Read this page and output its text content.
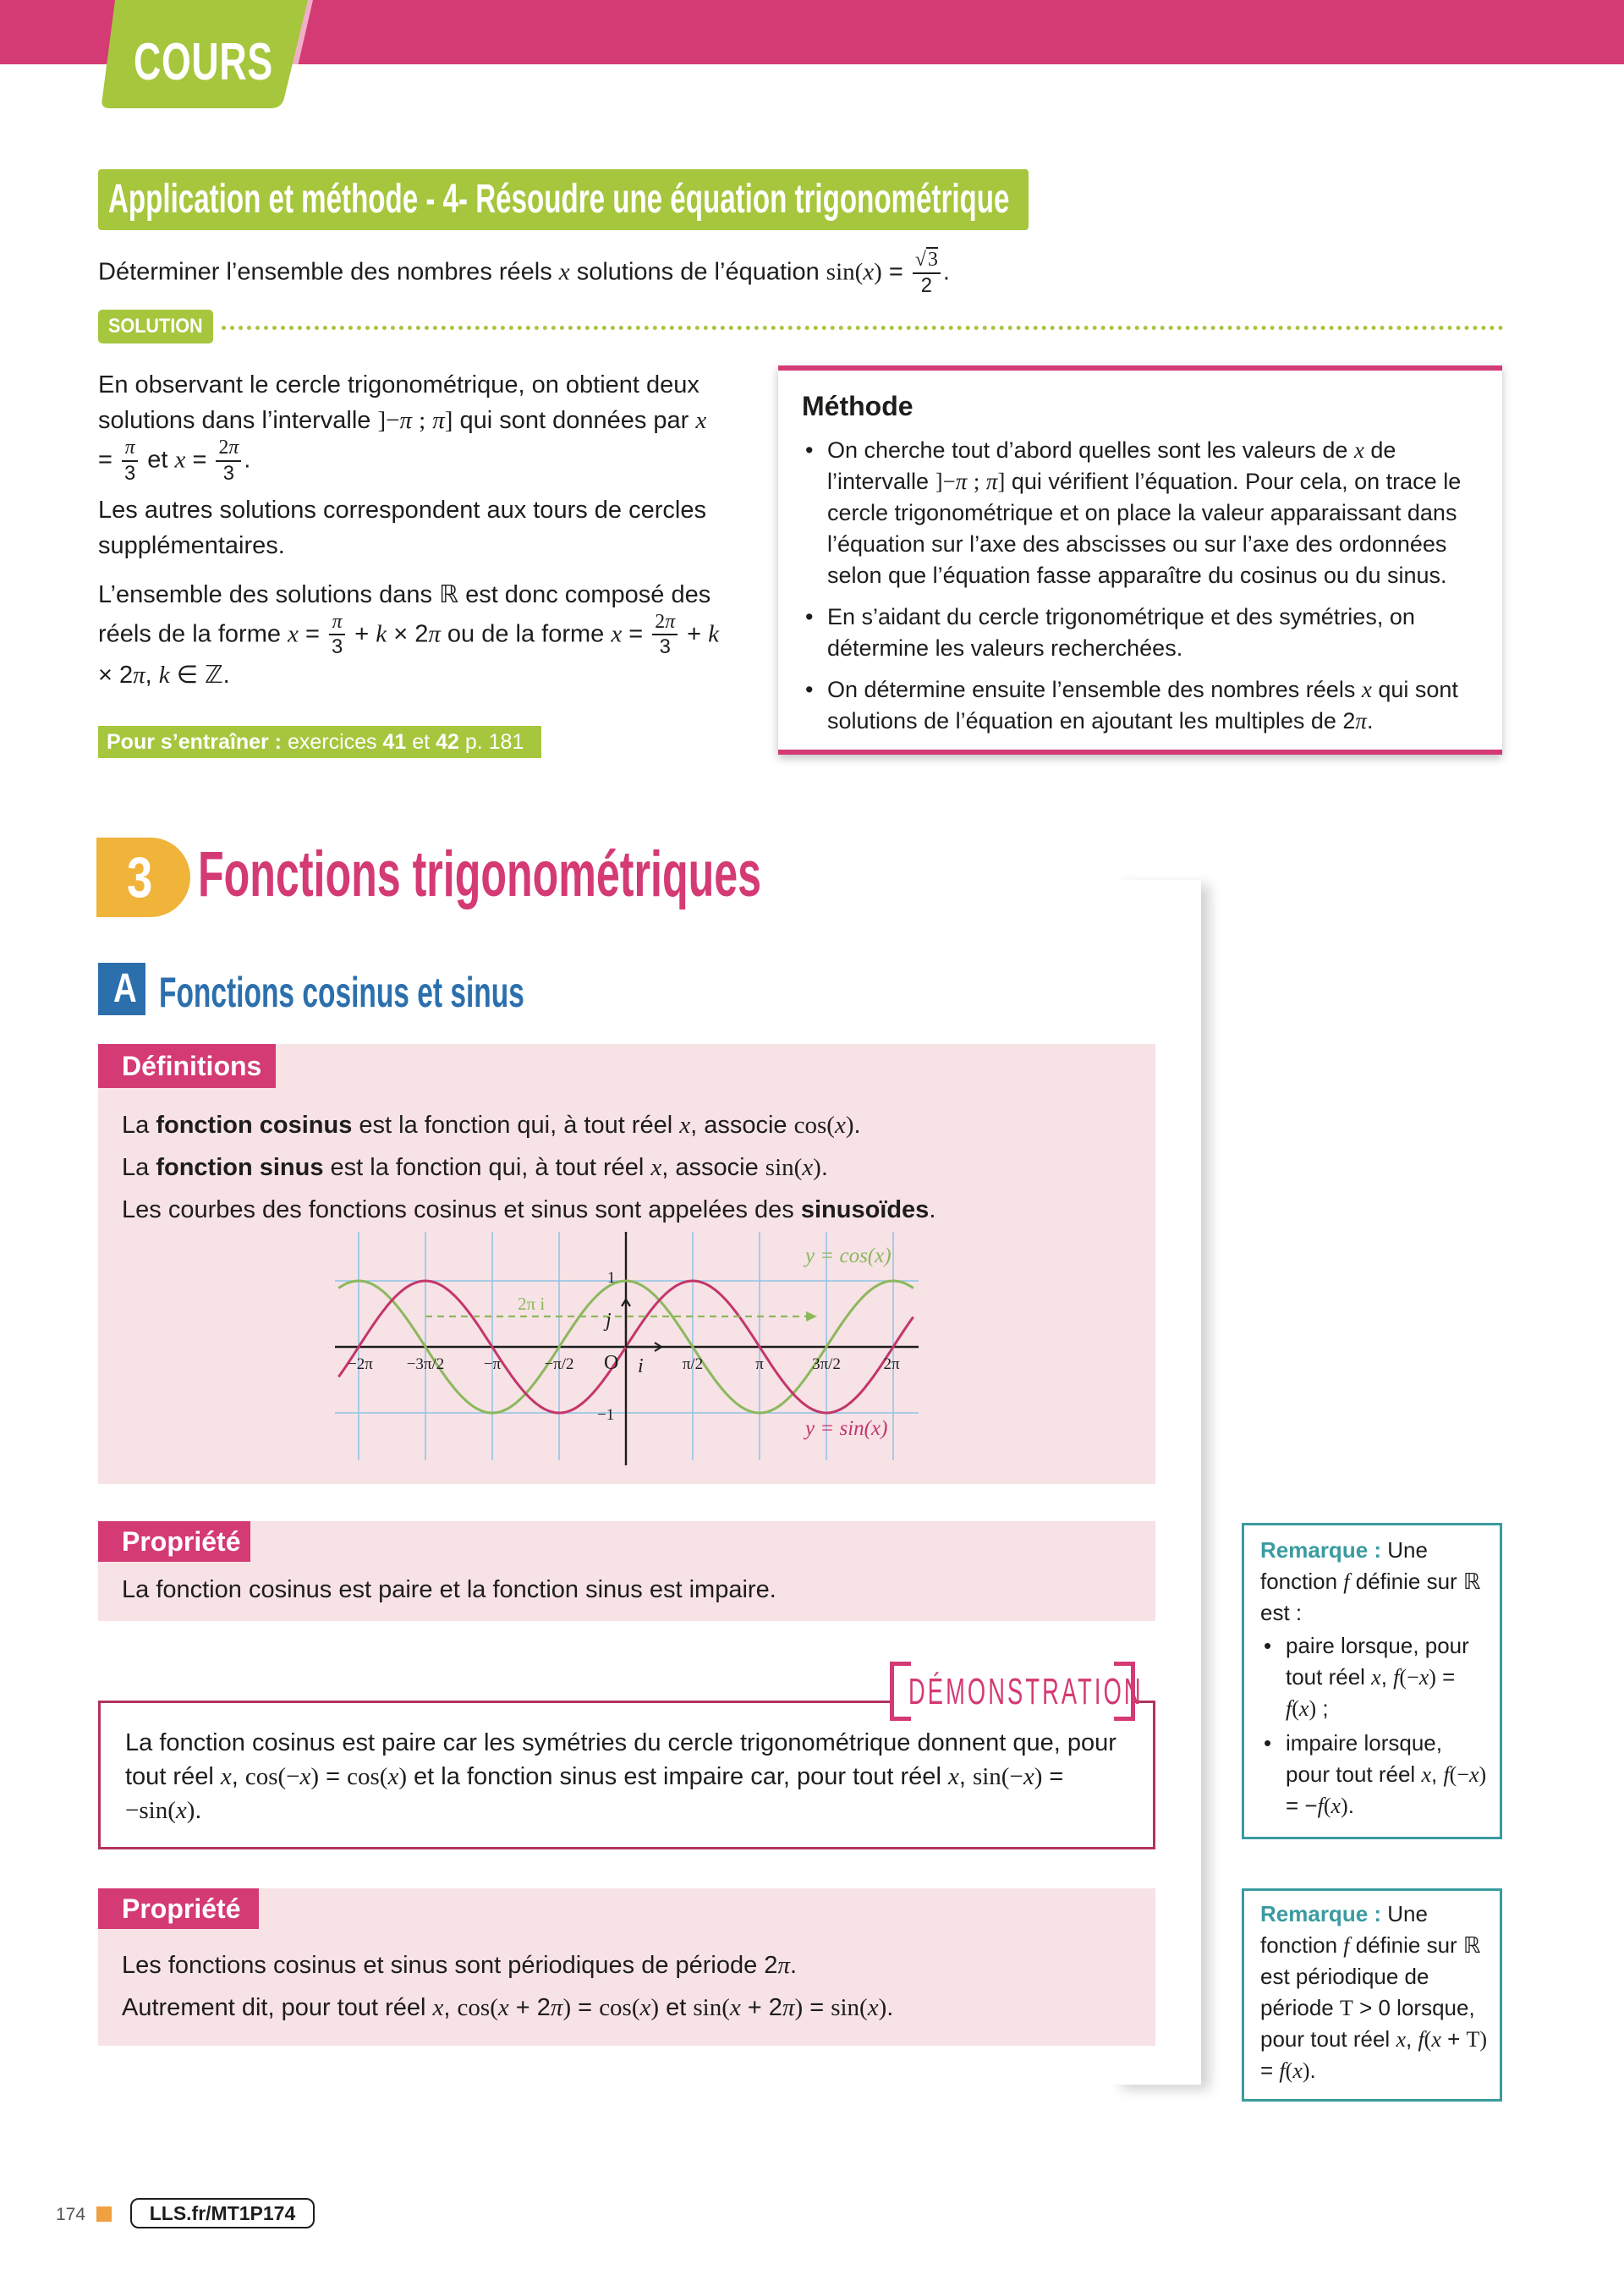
COURS
Application et méthode - 4- Résoudre une équation trigonométrique
Déterminer l’ensemble des nombres réels x solutions de l’équation $\sin(x) = \frac{√3}{2}$ .
SOLUTION
En observant le cercle trigonométrique, on obtient deux solutions dans l’intervalle ]−π ; π] qui sont données par $x = \frac{\pi}{3}$ et $x = \frac{2\pi}{3}$ .
Les autres solutions correspondent aux tours de cercles supplémentaires.
L’ensemble des solutions dans ℝ est donc composé des réels de la forme $x = \frac{\pi}{3} + k \times 2\pi$ ou de la forme $x = \frac{2\pi}{3} + k \times 2\pi$, k ∈ ℤ.
Pour s’entraîner : exercices 41 et 42 p. 181
Méthode
• On cherche tout d’abord quelles sont les valeurs de x de l’intervalle ]−π ; π] qui vérifient l’équation. Pour cela, on trace le cercle trigonométrique et on place la valeur apparaissant dans l’équation sur l’axe des abscisses ou sur l’axe des ordonnées selon que l’équation fasse apparaître du cosinus ou du sinus.
• En s’aidant du cercle trigonométrique et des symétries, on détermine les valeurs recherchées.
• On détermine ensuite l’ensemble des nombres réels x qui sont solutions de l’équation en ajoutant les multiples de 2π.
3 Fonctions trigonométriques
A Fonctions cosinus et sinus
Définitions
La fonction cosinus est la fonction qui, à tout réel x, associe cos(x).
La fonction sinus est la fonction qui, à tout réel x, associe sin(x).
Les courbes des fonctions cosinus et sinus sont appelées des sinusoïdes.
−2π −3π/2 −π	−π/2	π/2	π	3π/2	2π
1
−1
O i
j
2π i
y = cos(x)
y = sin(x)
Propriété
La fonction cosinus est paire et la fonction sinus est impaire.
DÉMONSTRATION
La fonction cosinus est paire car les symétries du cercle trigonométrique donnent que, pour tout réel x, cos(−x) = cos(x) et la fonction sinus est impaire car, pour tout réel x, sin(−x) = −sin(x).
Propriété
Les fonctions cosinus et sinus sont périodiques de période 2π.
Autrement dit, pour tout réel x, cos(x + 2π) = cos(x) et sin(x + 2π) = sin(x).
Remarque : Une fonction f définie sur ℝ est :
• paire lorsque, pour tout réel x, f(−x) = f(x) ;
• impaire lorsque, pour tout réel x, f(−x) = −f(x).
Remarque : Une fonction f définie sur ℝ est périodique de période T > 0 lorsque, pour tout réel x, f(x + T) = f(x).
174	LLS.fr/MT1P174
